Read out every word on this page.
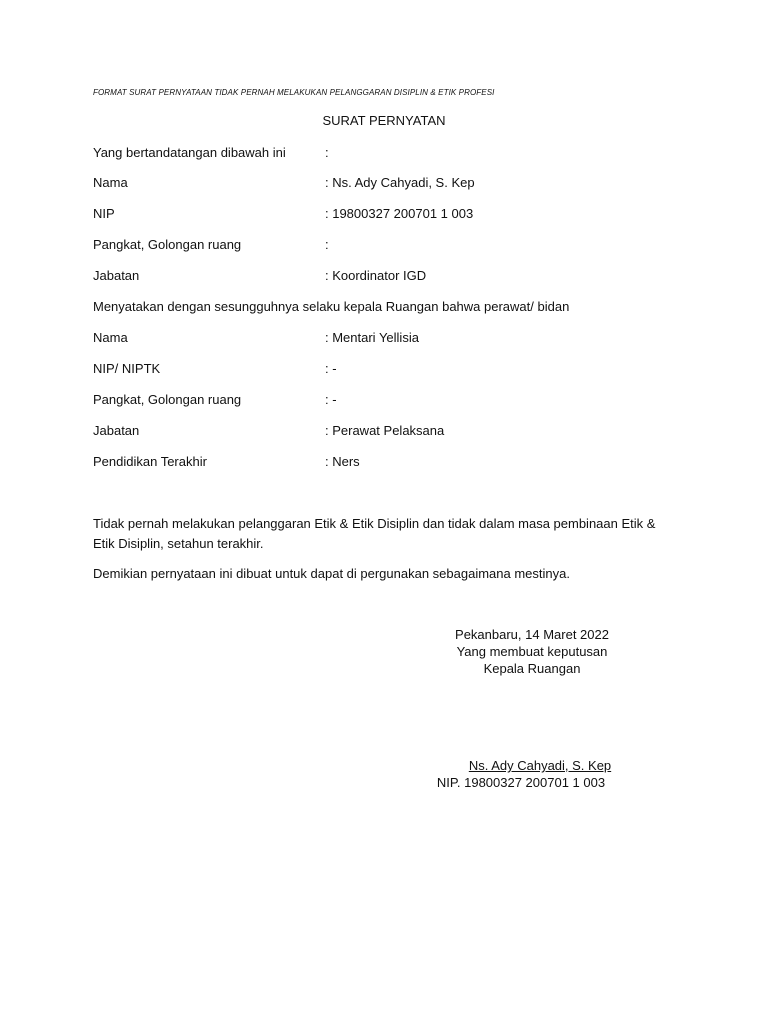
FORMAT SURAT PERNYATAAN TIDAK PERNAH MELAKUKAN PELANGGARAN DISIPLIN & ETIK PROFESI
SURAT PERNYATAN
Yang bertandatangan dibawah ini	:
Nama	: Ns. Ady Cahyadi, S. Kep
NIP	: 19800327 200701 1 003
Pangkat, Golongan ruang	:
Jabatan	: Koordinator IGD
Menyatakan dengan sesungguhnya selaku kepala Ruangan bahwa perawat/ bidan
Nama	: Mentari Yellisia
NIP/ NIPTK	: -
Pangkat, Golongan ruang	: -
Jabatan	: Perawat Pelaksana
Pendidikan Terakhir	: Ners
Tidak pernah melakukan pelanggaran Etik & Etik Disiplin dan tidak dalam masa pembinaan Etik & Etik Disiplin, setahun terakhir.
Demikian pernyataan ini dibuat untuk dapat di pergunakan sebagaimana mestinya.
Pekanbaru, 14 Maret 2022
Yang membuat keputusan
Kepala Ruangan
Ns. Ady Cahyadi, S. Kep
NIP. 19800327 200701 1 003
